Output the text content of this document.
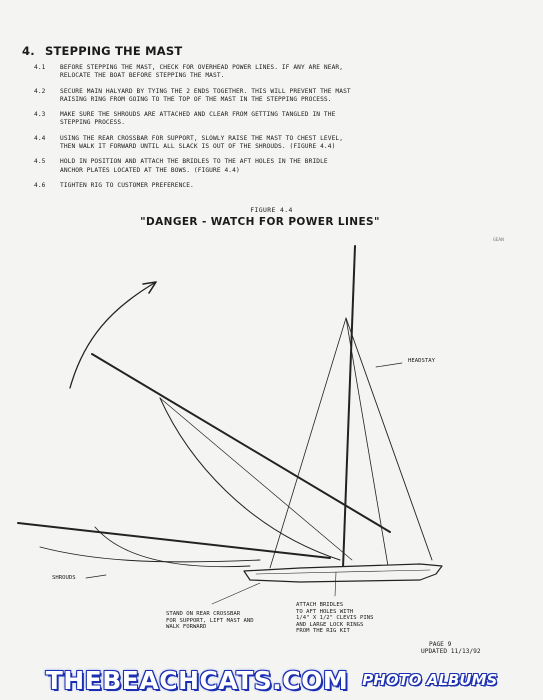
4. STEPPING THE MAST
4.1 BEFORE STEPPING THE MAST, CHECK FOR OVERHEAD POWER LINES. IF ANY ARE NEAR, RELOCATE THE BOAT BEFORE STEPPING THE MAST.
4.2 SECURE MAIN HALYARD BY TYING THE 2 ENDS TOGETHER. THIS WILL PREVENT THE MAST RAISING RING FROM GOING TO THE TOP OF THE MAST IN THE STEPPING PROCESS.
4.3 MAKE SURE THE SHROUDS ARE ATTACHED AND CLEAR FROM GETTING TANGLED IN THE STEPPING PROCESS.
4.4 USING THE REAR CROSSBAR FOR SUPPORT, SLOWLY RAISE THE MAST TO CHEST LEVEL, THEN WALK IT FORWARD UNTIL ALL SLACK IS OUT OF THE SHROUDS. (FIGURE 4.4)
4.5 HOLD IN POSITION AND ATTACH THE BRIDLES TO THE AFT HOLES IN THE BRIDLE ANCHOR PLATES LOCATED AT THE BOWS. (FIGURE 4.4)
4.6 TIGHTEN RIG TO CUSTOMER PREFERENCE.
FIGURE 4.4
"DANGER - WATCH FOR POWER LINES"
GEAN
HEADSTAY
SHROUDS
STAND ON REAR CROSSBAR
FOR SUPPORT, LIFT MAST AND
WALK FORWARD
ATTACH BRIDLES
TO AFT HOLES WITH
1/4" X 1/2" CLEVIS PINS
AND LARGE LOCK RINGS
FROM THE RIG KIT
PAGE 9
UPDATED 11/13/92
THEBEACHCATS.COM PHOTO ALBUMS
